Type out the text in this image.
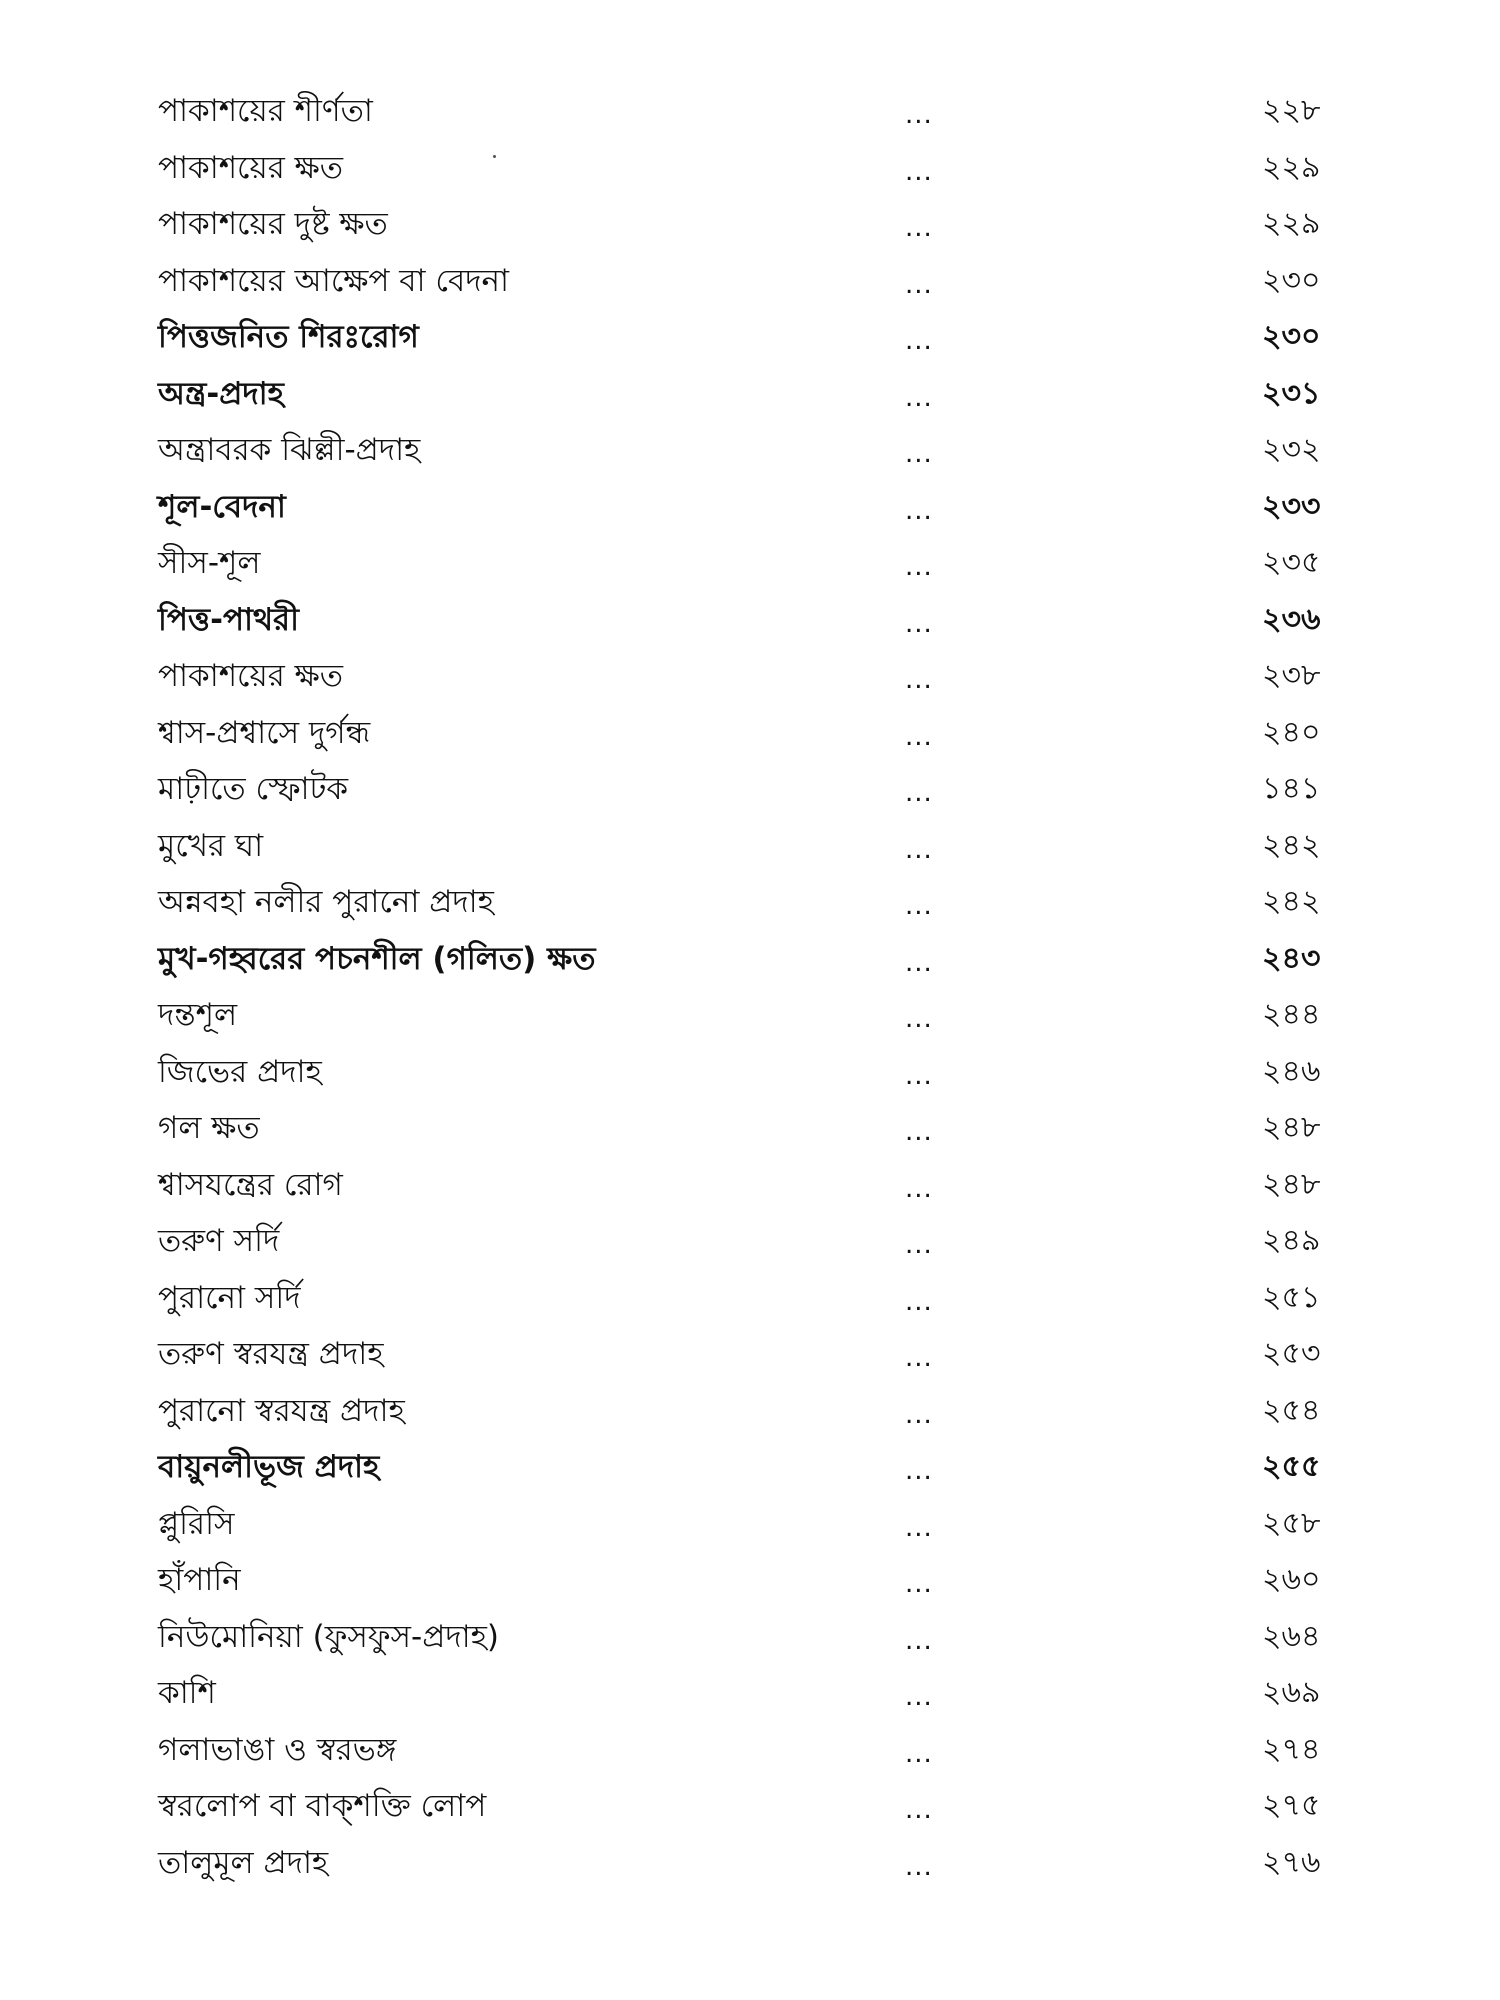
পাকাশয়ের শীর্ণতা	...	২২৮
পাকাশয়ের ক্ষত	...	২২৯
পাকাশয়ের দুষ্ট ক্ষত	...	২২৯
পাকাশয়ের আক্ষেপ বা বেদনা	...	২৩০
পিত্তজনিত শিরঃরোগ	...	২৩০
অন্ত্র-প্রদাহ	...	২৩১
অন্ত্রাবরক ঝিল্লী-প্রদাহ	...	২৩২
শূল-বেদনা	...	২৩৩
সীস-শূল	...	২৩৫
পিত্ত-পাথরী	...	২৩৬
পাকাশয়ের ক্ষত	...	২৩৮
শ্বাস-প্রশ্বাসে দুর্গন্ধ	...	২৪০
মাঢ়ীতে স্ফোটক	...	১৪১
মুখের ঘা	...	২৪২
অন্নবহা নলীর পুরানো প্রদাহ	...	২৪২
মুখ-গহ্বরের পচনশীল (গলিত) ক্ষত	...	২৪৩
দন্তশূল	...	২৪৪
জিভের প্রদাহ	...	২৪৬
গল ক্ষত	...	২৪৮
শ্বাসযন্ত্রের রোগ	...	২৪৮
তরুণ সর্দি	...	২৪৯
পুরানো সর্দি	...	২৫১
তরুণ স্বরযন্ত্র প্রদাহ	...	২৫৩
পুরানো স্বরযন্ত্র প্রদাহ	...	২৫৪
বায়ুনলীভূজ প্রদাহ	...	২৫৫
প্লুরিসি	...	২৫৮
হাঁপানি	...	২৬০
নিউমোনিয়া (ফুসফুস-প্রদাহ)	...	২৬৪
কাশি	...	২৬৯
গলাভাঙা ও স্বরভঙ্গ	...	২৭৪
স্বরলোপ বা বাক্‌শক্তি লোপ	...	২৭৫
তালুমূল প্রদাহ	...	২৭৬
